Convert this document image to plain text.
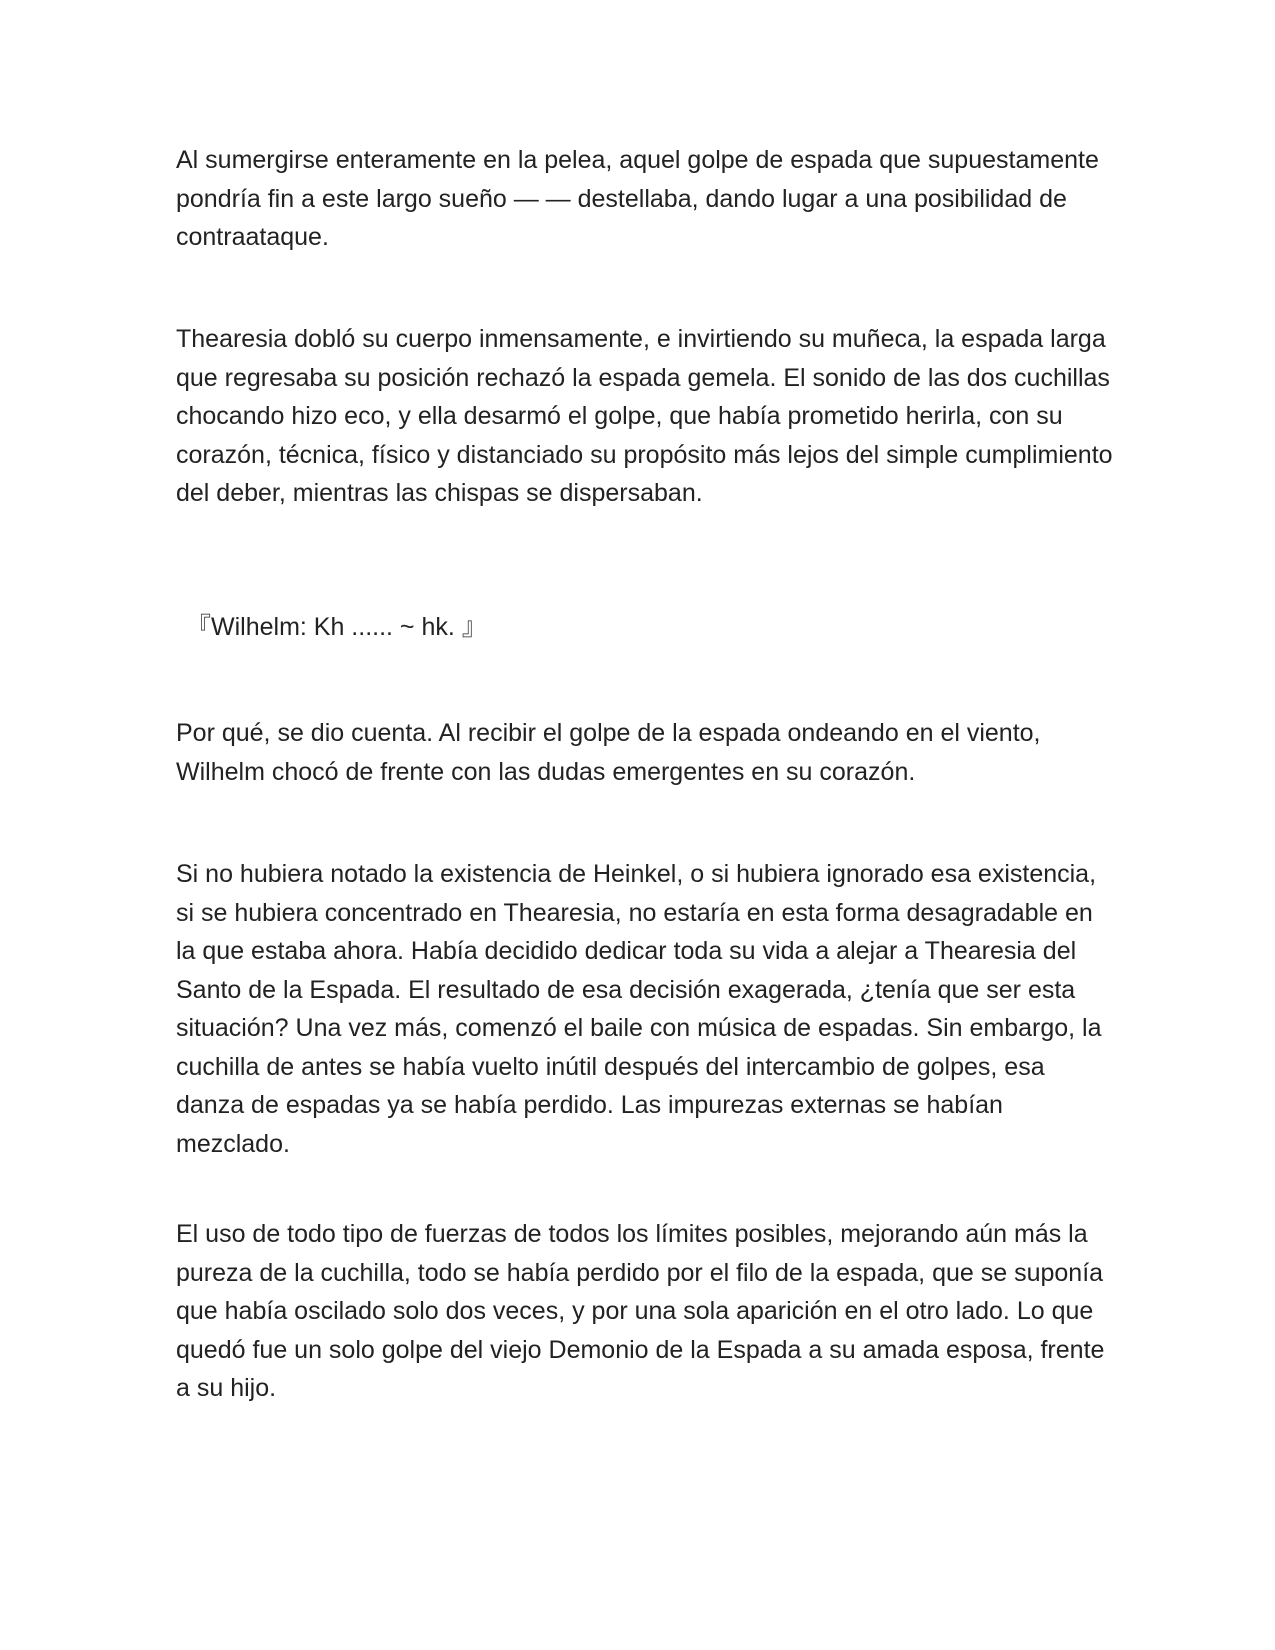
Al sumergirse enteramente en la pelea, aquel golpe de espada que supuestamente pondría fin a este largo sueño — — destellaba, dando lugar a una posibilidad de contraataque.

Thearesia dobló su cuerpo inmensamente, e invirtiendo su muñeca, la espada larga que regresaba su posición rechazó la espada gemela. El sonido de las dos cuchillas chocando hizo eco, y ella desarmó el golpe, que había prometido herirla, con su corazón, técnica, físico y distanciado su propósito más lejos del simple cumplimiento del deber, mientras las chispas se dispersaban.

『Wilhelm: Kh ...... ~ hk. 』

Por qué, se dio cuenta. Al recibir el golpe de la espada ondeando en el viento, Wilhelm chocó de frente con las dudas emergentes en su corazón.

Si no hubiera notado la existencia de Heinkel, o si hubiera ignorado esa existencia, si se hubiera concentrado en Thearesia, no estaría en esta forma desagradable en la que estaba ahora. Había decidido dedicar toda su vida a alejar a Thearesia del Santo de la Espada. El resultado de esa decisión exagerada, ¿tenía que ser esta situación? Una vez más, comenzó el baile con música de espadas. Sin embargo, la cuchilla de antes se había vuelto inútil después del intercambio de golpes, esa danza de espadas ya se había perdido. Las impurezas externas se habían mezclado.

El uso de todo tipo de fuerzas de todos los límites posibles, mejorando aún más la pureza de la cuchilla, todo se había perdido por el filo de la espada, que se suponía que había oscilado solo dos veces, y por una sola aparición en el otro lado. Lo que quedó fue un solo golpe del viejo Demonio de la Espada a su amada esposa, frente a su hijo.
